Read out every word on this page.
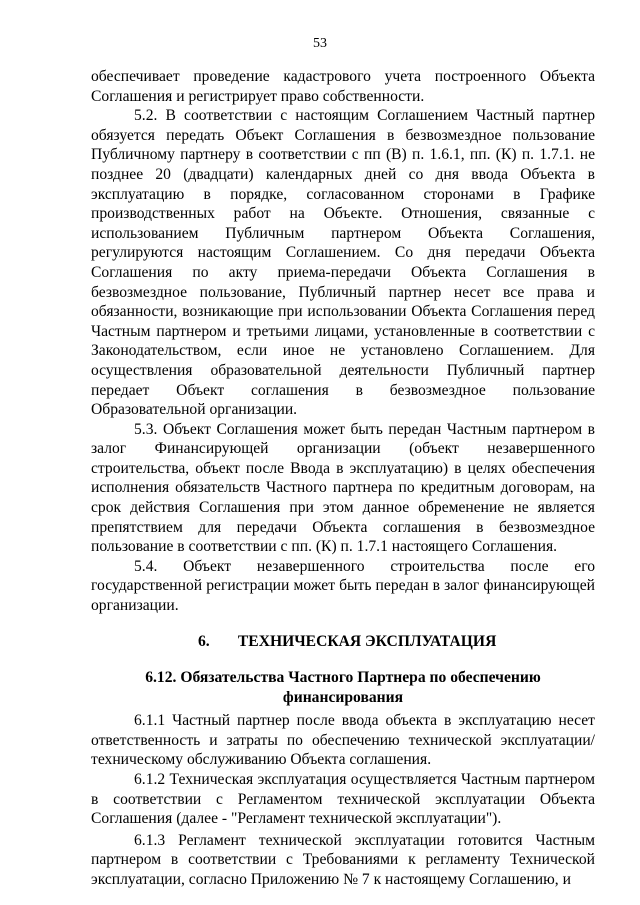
53

обеспечивает проведение кадастрового учета построенного Объекта Соглашения и регистрирует право собственности.

5.2. В соответствии с настоящим Соглашением Частный партнер обязуется передать Объект Соглашения в безвозмездное пользование Публичному партнеру в соответствии с пп (В) п. 1.6.1, пп. (К) п. 1.7.1. не позднее 20 (двадцати) календарных дней со дня ввода Объекта в эксплуатацию в порядке, согласованном сторонами в Графике производственных работ на Объекте. Отношения, связанные с использованием Публичным партнером Объекта Соглашения, регулируются настоящим Соглашением. Со дня передачи Объекта Соглашения по акту приема-передачи Объекта Соглашения в безвозмездное пользование, Публичный партнер несет все права и обязанности, возникающие при использовании Объекта Соглашения перед Частным партнером и третьими лицами, установленные в соответствии с Законодательством, если иное не установлено Соглашением. Для осуществления образовательной деятельности Публичный партнер передает Объект соглашения в безвозмездное пользование Образовательной организации.

5.3. Объект Соглашения может быть передан Частным партнером в залог Финансирующей организации (объект незавершенного строительства, объект после Ввода в эксплуатацию) в целях обеспечения исполнения обязательств Частного партнера по кредитным договорам, на срок действия Соглашения при этом данное обременение не является препятствием для передачи Объекта соглашения в безвозмездное пользование в соответствии с пп. (К) п. 1.7.1 настоящего Соглашения.

5.4. Объект незавершенного строительства после его государственной регистрации может быть передан в залог финансирующей организации.

6. ТЕХНИЧЕСКАЯ ЭКСПЛУАТАЦИЯ
6.12. Обязательства Частного Партнера по обеспечению
финансирования

6.1.1 Частный партнер после ввода объекта в эксплуатацию несет ответственность и затраты по обеспечению технической эксплуатации/техническому обслуживанию Объекта соглашения.

6.1.2 Техническая эксплуатация осуществляется Частным партнером в соответствии с Регламентом технической эксплуатации Объекта Соглашения (далее - "Регламент технической эксплуатации").

6.1.3 Регламент технической эксплуатации готовится Частным партнером в соответствии с Требованиями к регламенту Технической эксплуатации, согласно Приложению № 7 к настоящему Соглашению, и
